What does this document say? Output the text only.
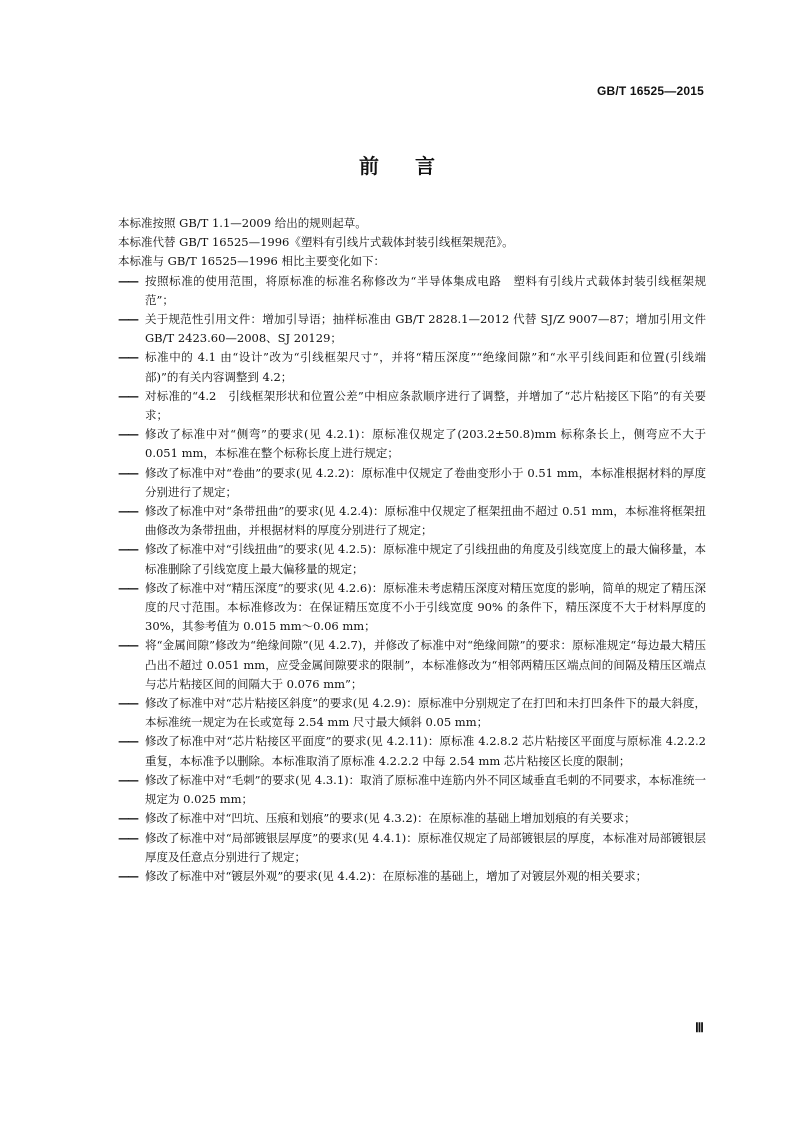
GB/T 16525—2015
前言

本标准按照 GB/T 1.1—2009 给出的规则起草。

本标准代替 GB/T 16525—1996《塑料有引线片式载体封装引线框架规范》。

本标准与 GB/T 16525—1996 相比主要变化如下：

—— 按照标准的使用范围，将原标准的标准名称修改为“半导体集成电路　塑料有引线片式载体封装引线框架规范”；
—— 关于规范性引用文件：增加引导语；抽样标准由 GB/T 2828.1—2012 代替 SJ/Z 9007—87；增加引用文件 GB/T 2423.60—2008、SJ 20129；
—— 标准中的 4.1 由“设计”改为“引线框架尺寸”，并将“精压深度”“绝缘间隙”和“水平引线间距和位置(引线端部)”的有关内容调整到 4.2；
—— 对标准的“4.2　引线框架形状和位置公差”中相应条款顺序进行了调整，并增加了“芯片粘接区下陷”的有关要求；
—— 修改了标准中对“侧弯”的要求(见 4.2.1)：原标准仅规定了(203.2±50.8)mm 标称条长上，侧弯应不大于 0.051 mm，本标准在整个标称长度上进行规定；
—— 修改了标准中对“卷曲”的要求(见 4.2.2)：原标准中仅规定了卷曲变形小于 0.51 mm，本标准根据材料的厚度分别进行了规定；
—— 修改了标准中对“条带扭曲”的要求(见 4.2.4)：原标准中仅规定了框架扭曲不超过 0.51 mm，本标准将框架扭曲修改为条带扭曲，并根据材料的厚度分别进行了规定；
—— 修改了标准中对“引线扭曲”的要求(见 4.2.5)：原标准中规定了引线扭曲的角度及引线宽度上的最大偏移量，本标准删除了引线宽度上最大偏移量的规定；
—— 修改了标准中对“精压深度”的要求(见 4.2.6)：原标准未考虑精压深度对精压宽度的影响，简单的规定了精压深度的尺寸范围。本标准修改为：在保证精压宽度不小于引线宽度 90% 的条件下，精压深度不大于材料厚度的 30%，其参考值为 0.015 mm～0.06 mm；
—— 将“金属间隙”修改为“绝缘间隙”(见 4.2.7)，并修改了标准中对“绝缘间隙”的要求：原标准规定“每边最大精压凸出不超过 0.051 mm，应受金属间隙要求的限制”，本标准修改为“相邻两精压区端点间的间隔及精压区端点与芯片粘接区间的间隔大于 0.076 mm”；
—— 修改了标准中对“芯片粘接区斜度”的要求(见 4.2.9)：原标准中分别规定了在打凹和未打凹条件下的最大斜度，本标准统一规定为在长或宽每 2.54 mm 尺寸最大倾斜 0.05 mm；
—— 修改了标准中对“芯片粘接区平面度”的要求(见 4.2.11)：原标准 4.2.8.2 芯片粘接区平面度与原标准 4.2.2.2 重复，本标准予以删除。本标准取消了原标准 4.2.2.2 中每 2.54 mm 芯片粘接区长度的限制；
—— 修改了标准中对“毛刺”的要求(见 4.3.1)：取消了原标准中连筋内外不同区域垂直毛刺的不同要求，本标准统一规定为 0.025 mm；
—— 修改了标准中对“凹坑、压痕和划痕”的要求(见 4.3.2)：在原标准的基础上增加划痕的有关要求；
—— 修改了标准中对“局部镀银层厚度”的要求(见 4.4.1)：原标准仅规定了局部镀银层的厚度，本标准对局部镀银层厚度及任意点分别进行了规定；
—— 修改了标准中对“镀层外观”的要求(见 4.4.2)：在原标准的基础上，增加了对镀层外观的相关要求；
Ⅲ
